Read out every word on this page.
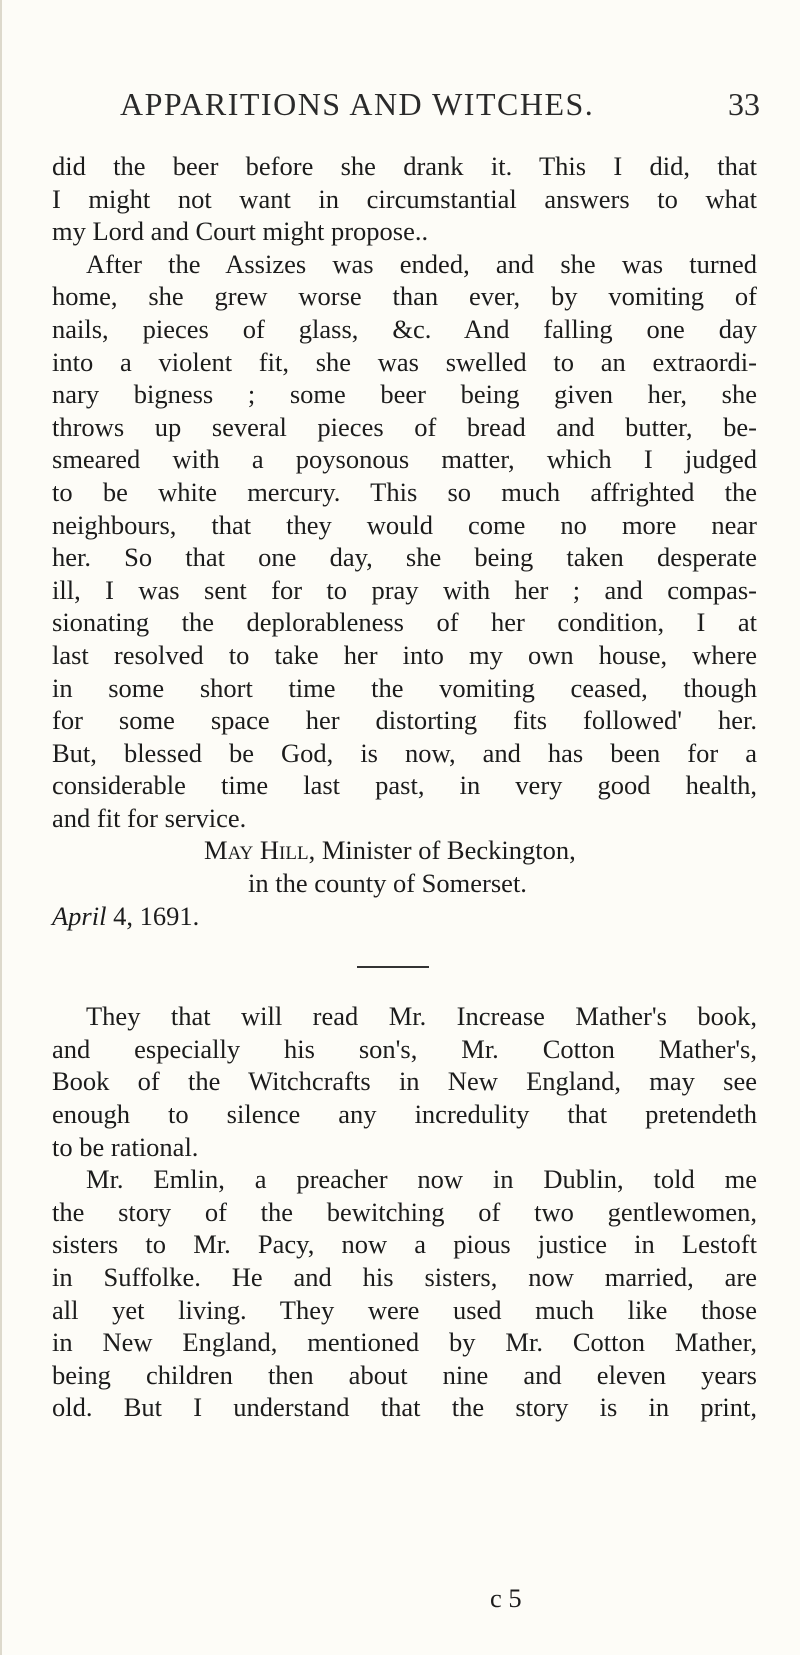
APPARITIONS AND WITCHES.	33
did the beer before she drank it. This I did, that
I might not want in circumstantial answers to what
my Lord and Court might propose..
After the Assizes was ended, and she was turned
home, she grew worse than ever, by vomiting of
nails, pieces of glass, &c. And falling one day
into a violent fit, she was swelled to an extraordi-
nary bigness ; some beer being given her, she
throws up several pieces of bread and butter, be-
smeared with a poysonous matter, which I judged
to be white mercury. This so much affrighted the
neighbours, that they would come no more near
her. So that one day, she being taken desperate
ill, I was sent for to pray with her ; and compas-
sionating the deplorableness of her condition, I at
last resolved to take her into my own house, where
in some short time the vomiting ceased, though
for some space her distorting fits followed' her.
But, blessed be God, is now, and has been for a
considerable time last past, in very good health,
and fit for service.
May Hill, Minister of Beckington,
in the county of Somerset.
April 4, 1691.
They that will read Mr. Increase Mather's book,
and especially his son's, Mr. Cotton Mather's,
Book of the Witchcrafts in New England, may see
enough to silence any incredulity that pretendeth
to be rational.
Mr. Emlin, a preacher now in Dublin, told me
the story of the bewitching of two gentlewomen,
sisters to Mr. Pacy, now a pious justice in Lestoft
in Suffolke. He and his sisters, now married, are
all yet living. They were used much like those
in New England, mentioned by Mr. Cotton Mather,
being children then about nine and eleven years
old. But I understand that the story is in print,
c 5
